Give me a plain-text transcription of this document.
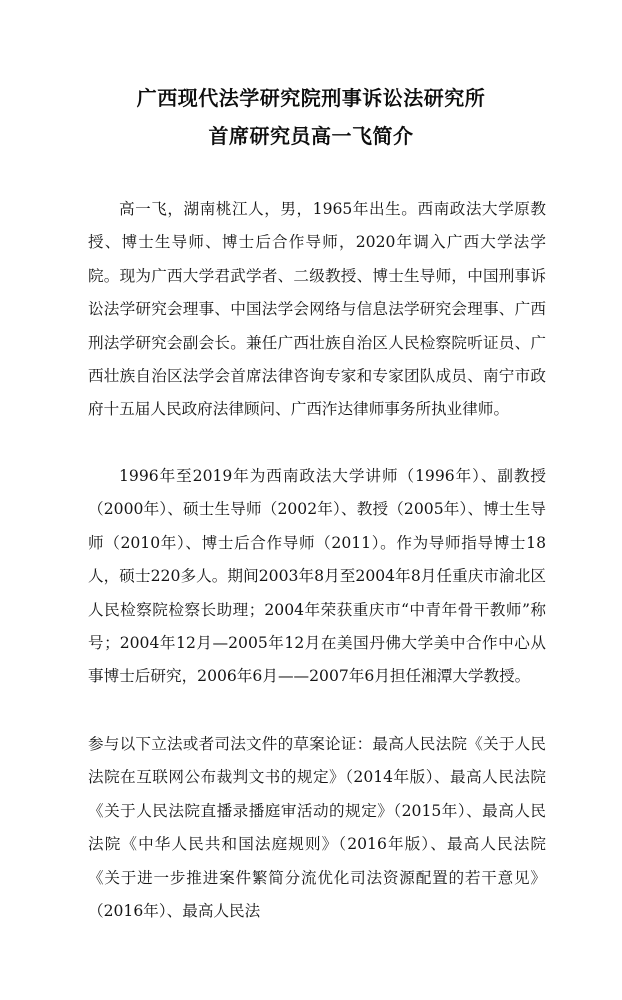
广西现代法学研究院刑事诉讼法研究所
首席研究员高一飞简介

高一飞，湖南桃江人，男，1965年出生。西南政法大学原教授、博士生导师、博士后合作导师，2020年调入广西大学法学院。现为广西大学君武学者、二级教授、博士生导师，中国刑事诉讼法学研究会理事、中国法学会网络与信息法学研究会理事、广西刑法学研究会副会长。兼任广西壮族自治区人民检察院听证员、广西壮族自治区法学会首席法律咨询专家和专家团队成员、南宁市政府十五届人民政府法律顾问、广西泎达律师事务所执业律师。

1996年至2019年为西南政法大学讲师（1996年）、副教授（2000年）、硕士生导师（2002年）、教授（2005年）、博士生导师（2010年）、博士后合作导师（2011）。作为导师指导博士18人，硕士220多人。期间2003年8月至2004年8月任重庆市渝北区人民检察院检察长助理；2004年荣获重庆市“中青年骨干教师”称号；2004年12月—2005年12月在美国丹佛大学美中合作中心从事博士后研究，2006年6月——2007年6月担任湘潭大学教授。

参与以下立法或者司法文件的草案论证：最高人民法院《关于人民法院在互联网公布裁判文书的规定》（2014年版）、最高人民法院《关于人民法院直播录播庭审活动的规定》（2015年）、最高人民法院《中华人民共和国法庭规则》（2016年版）、最高人民法院《关于进一步推进案件繁简分流优化司法资源配置的若干意见》（2016年）、最高人民法
